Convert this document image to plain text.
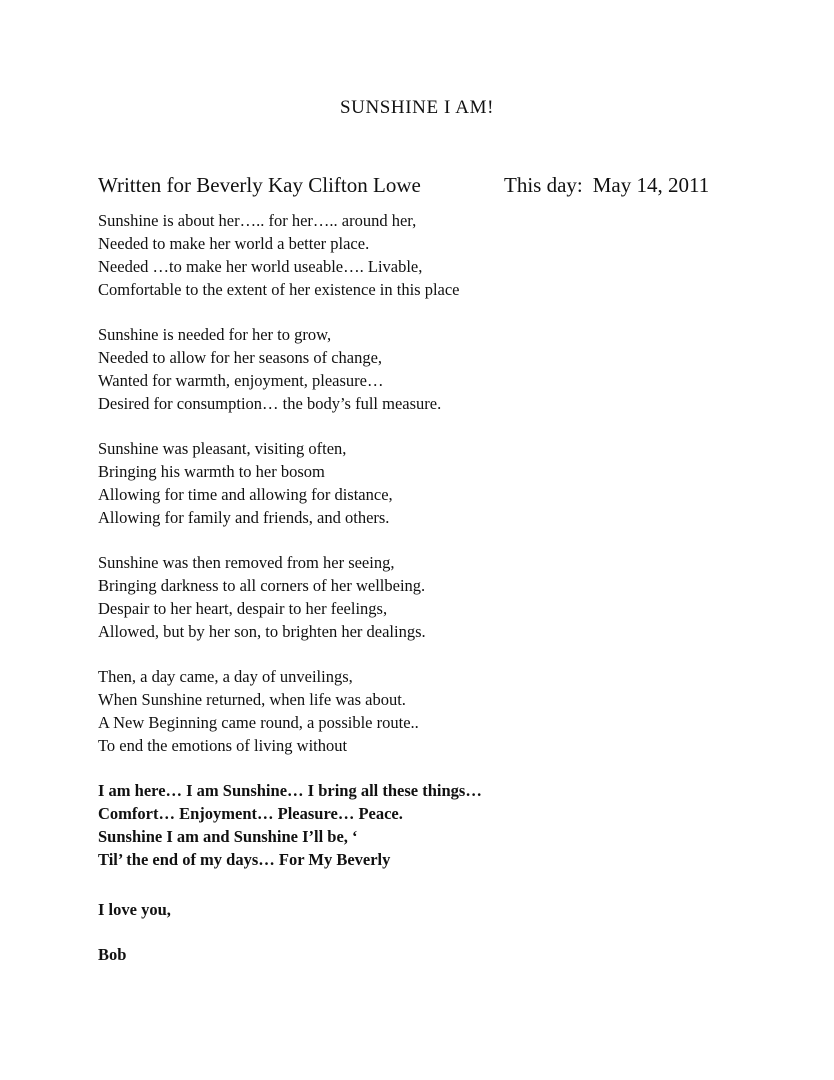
SUNSHINE I AM!
Written for Beverly Kay Clifton Lowe	This day: May 14, 2011
Sunshine is about her….. for her….. around her,
Needed to make her world a better place.
Needed …to make her world useable…. Livable,
Comfortable to the extent of her existence in this place
Sunshine is needed for her to grow,
Needed to allow for her seasons of change,
Wanted for warmth, enjoyment, pleasure…
Desired for consumption… the body’s full measure.
Sunshine was pleasant, visiting often,
Bringing his warmth to her bosom
Allowing for time and allowing for distance,
Allowing for family and friends, and others.
Sunshine was then removed from her seeing,
Bringing darkness to all corners of her wellbeing.
Despair to her heart, despair to her feelings,
Allowed, but by her son, to brighten her dealings.
Then, a day came, a day of unveilings,
When Sunshine returned, when life was about.
A New Beginning came round, a possible route..
To end the emotions of living without
I am here… I am Sunshine… I bring all these things…
Comfort… Enjoyment… Pleasure… Peace.
Sunshine I am and Sunshine I’ll be, ‘
Til’ the end of my days… For My Beverly
I love you,
Bob
